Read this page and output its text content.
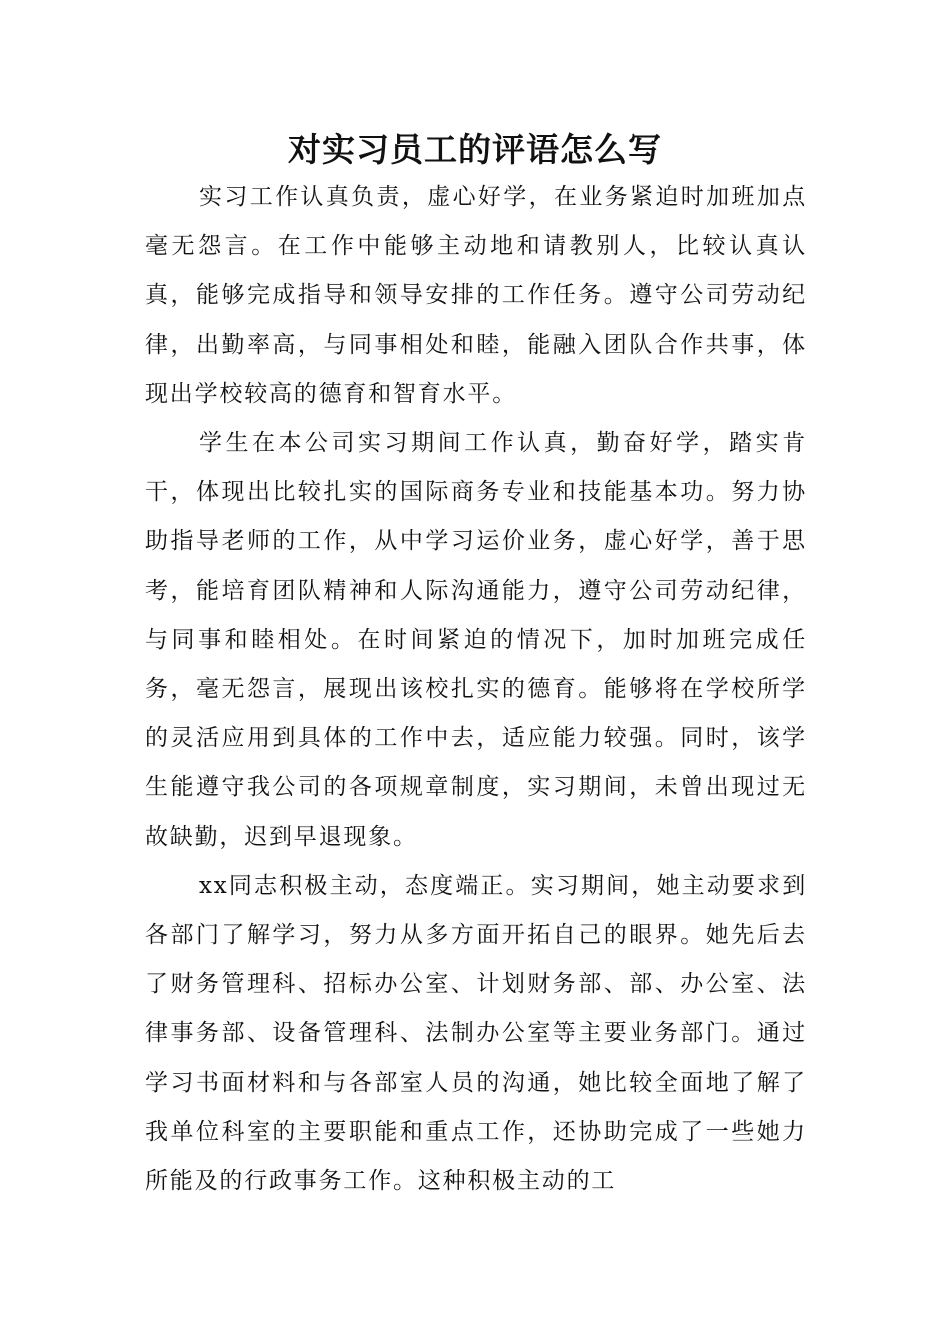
对实习员工的评语怎么写

实习工作认真负责，虚心好学，在业务紧迫时加班加点毫无怨言。在工作中能够主动地和请教别人，比较认真认真，能够完成指导和领导安排的工作任务。遵守公司劳动纪律，出勤率高，与同事相处和睦，能融入团队合作共事，体现出学校较高的德育和智育水平。

学生在本公司实习期间工作认真，勤奋好学，踏实肯干，体现出比较扎实的国际商务专业和技能基本功。努力协助指导老师的工作，从中学习运价业务，虚心好学，善于思考，能培育团队精神和人际沟通能力，遵守公司劳动纪律，与同事和睦相处。在时间紧迫的情况下，加时加班完成任务，毫无怨言，展现出该校扎实的德育。能够将在学校所学的灵活应用到具体的工作中去，适应能力较强。同时，该学生能遵守我公司的各项规章制度，实习期间，未曾出现过无故缺勤，迟到早退现象。

xx同志积极主动，态度端正。实习期间，她主动要求到各部门了解学习，努力从多方面开拓自己的眼界。她先后去了财务管理科、招标办公室、计划财务部、部、办公室、法律事务部、设备管理科、法制办公室等主要业务部门。通过学习书面材料和与各部室人员的沟通，她比较全面地了解了我单位科室的主要职能和重点工作，还协助完成了一些她力所能及的行政事务工作。这种积极主动的工
